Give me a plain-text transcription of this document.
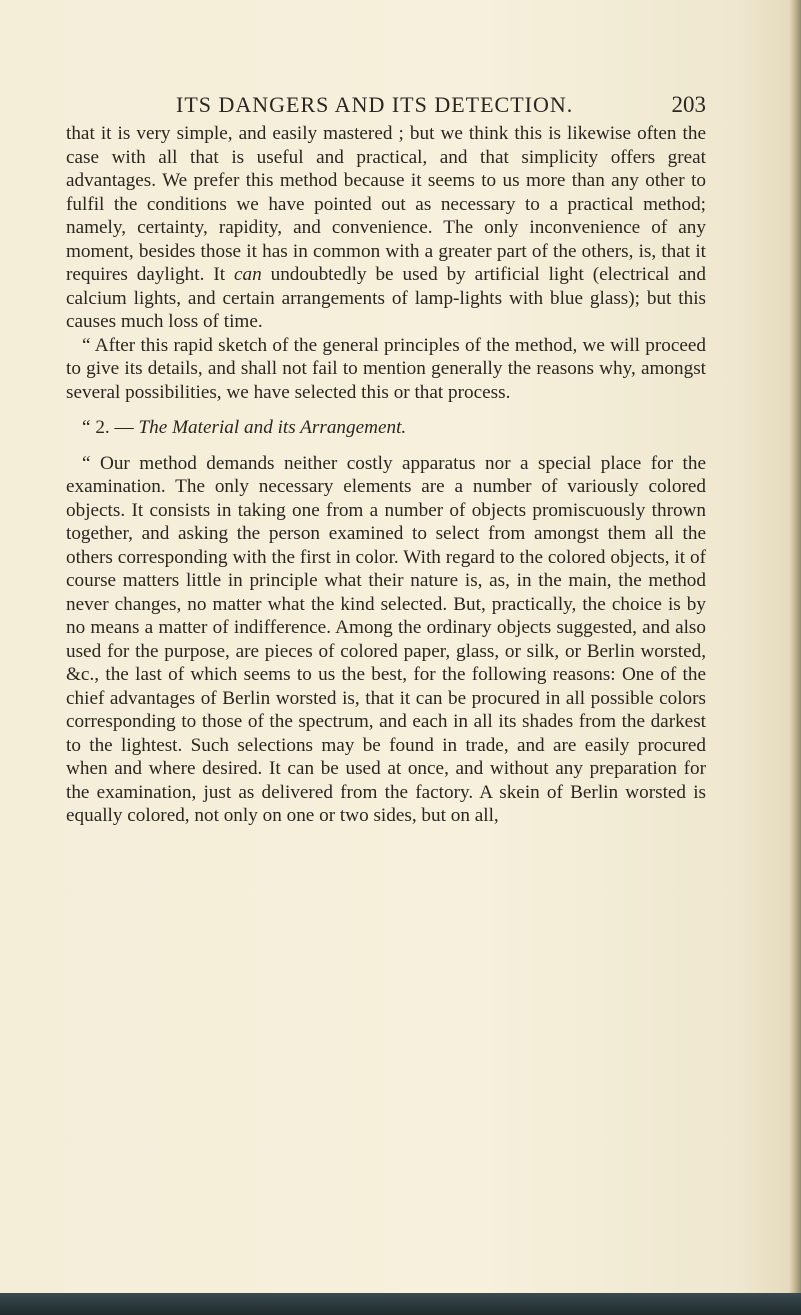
ITS DANGERS AND ITS DETECTION.	203

that it is very simple, and easily mastered ; but we think this is likewise often the case with all that is useful and practical, and that simplicity offers great advantages. We prefer this method because it seems to us more than any other to fulfil the conditions we have pointed out as necessary to a practical method; namely, certainty, rapidity, and convenience. The only inconvenience of any moment, besides those it has in common with a greater part of the others, is, that it requires daylight. It can undoubtedly be used by artificial light (electrical and calcium lights, and certain arrangements of lamp-lights with blue glass); but this causes much loss of time.

“ After this rapid sketch of the general principles of the method, we will proceed to give its details, and shall not fail to mention generally the reasons why, amongst several possibilities, we have selected this or that process.

“ 2. — The Material and its Arrangement.

“ Our method demands neither costly apparatus nor a special place for the examination. The only necessary elements are a number of variously colored objects. It consists in taking one from a number of objects promiscuously thrown together, and asking the person examined to select from amongst them all the others corresponding with the first in color. With regard to the colored objects, it of course matters little in principle what their nature is, as, in the main, the method never changes, no matter what the kind selected. But, practically, the choice is by no means a matter of indifference. Among the ordinary objects suggested, and also used for the purpose, are pieces of colored paper, glass, or silk, or Berlin worsted, &c., the last of which seems to us the best, for the following reasons: One of the chief advantages of Berlin worsted is, that it can be procured in all possible colors corresponding to those of the spectrum, and each in all its shades from the darkest to the lightest. Such selections may be found in trade, and are easily procured when and where desired. It can be used at once, and without any preparation for the examination, just as delivered from the factory. A skein of Berlin worsted is equally colored, not only on one or two sides, but on all,
